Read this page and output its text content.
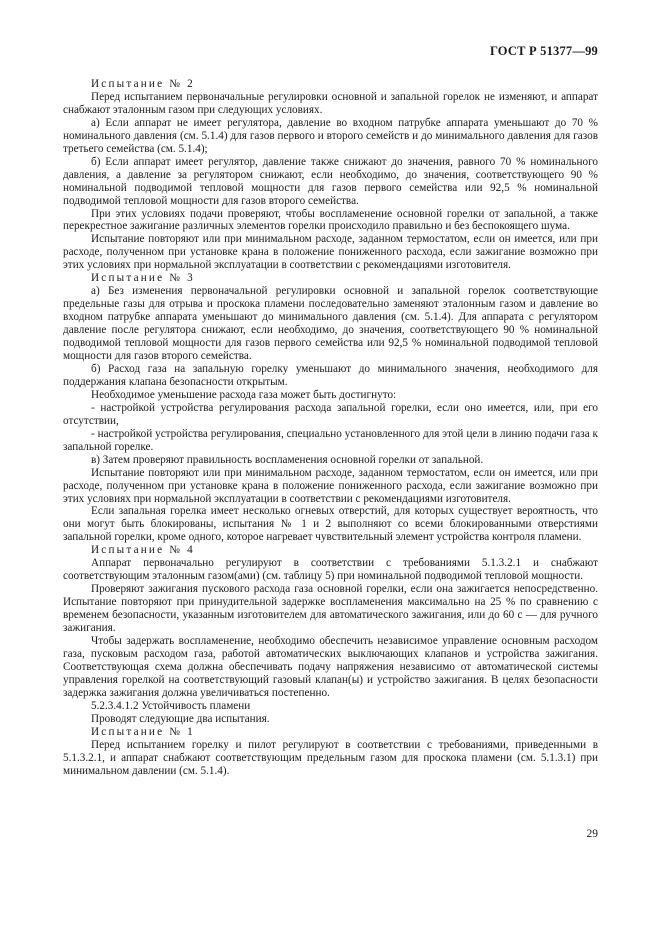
ГОСТ Р 51377—99

Испытание № 2

Перед испытанием первоначальные регулировки основной и запальной горелок не изменяют, и аппарат снабжают эталонным газом при следующих условиях.

а) Если аппарат не имеет регулятора, давление во входном патрубке аппарата уменьшают до 70 % номинального давления (см. 5.1.4) для газов первого и второго семейств и до минимального давления для газов третьего семейства (см. 5.1.4);

б) Если аппарат имеет регулятор, давление также снижают до значения, равного 70 % номинального давления, а давление за регулятором снижают, если необходимо, до значения, соответствующего 90 % номинальной подводимой тепловой мощности для газов первого семейства или 92,5 % номинальной подводимой тепловой мощности для газов второго семейства.

При этих условиях подачи проверяют, чтобы воспламенение основной горелки от запальной, а также перекрестное зажигание различных элементов горелки происходило правильно и без беспокоящего шума.

Испытание повторяют или при минимальном расходе, заданном термостатом, если он имеется, или при расходе, полученном при установке крана в положение пониженного расхода, если зажигание возможно при этих условиях при нормальной эксплуатации в соответствии с рекомендациями изготовителя.

Испытание № 3

а) Без изменения первоначальной регулировки основной и запальной горелок соответствующие предельные газы для отрыва и проскока пламени последовательно заменяют эталонным газом и давление во входном патрубке аппарата уменьшают до минимального давления (см. 5.1.4). Для аппарата с регулятором давление после регулятора снижают, если необходимо, до значения, соответствующего 90 % номинальной подводимой тепловой мощности для газов первого семейства или 92,5 % номинальной подводимой тепловой мощности для газов второго семейства.

б) Расход газа на запальную горелку уменьшают до минимального значения, необходимого для поддержания клапана безопасности открытым.

Необходимое уменьшение расхода газа может быть достигнуто:

- настройкой устройства регулирования расхода запальной горелки, если оно имеется, или, при его отсутствии,

- настройкой устройства регулирования, специально установленного для этой цели в линию подачи газа к запальной горелке.

в) Затем проверяют правильность воспламенения основной горелки от запальной.

Испытание повторяют или при минимальном расходе, заданном термостатом, если он имеется, или при расходе, полученном при установке крана в положение пониженного расхода, если зажигание возможно при этих условиях при нормальной эксплуатации в соответствии с рекомендациями изготовителя.

Если запальная горелка имеет несколько огневых отверстий, для которых существует вероятность, что они могут быть блокированы, испытания № 1 и 2 выполняют со всеми блокированными отверстиями запальной горелки, кроме одного, которое нагревает чувствительный элемент устройства контроля пламени.

Испытание № 4

Аппарат первоначально регулируют в соответствии с требованиями 5.1.3.2.1 и снабжают соответствующим эталонным газом(ами) (см. таблицу 5) при номинальной подводимой тепловой мощности.

Проверяют зажигания пускового расхода газа основной горелки, если она зажигается непосредственно. Испытание повторяют при принудительной задержке воспламенения максимально на 25 % по сравнению с временем безопасности, указанным изготовителем для автоматического зажигания, или до 60 с — для ручного зажигания.

Чтобы задержать воспламенение, необходимо обеспечить независимое управление основным расходом газа, пусковым расходом газа, работой автоматических выключающих клапанов и устройства зажигания. Соответствующая схема должна обеспечивать подачу напряжения независимо от автоматической системы управления горелкой на соответствующий газовый клапан(ы) и устройство зажигания. В целях безопасности задержка зажигания должна увеличиваться постепенно.

5.2.3.4.1.2 Устойчивость пламени

Проводят следующие два испытания.

Испытание № 1

Перед испытанием горелку и пилот регулируют в соответствии с требованиями, приведенными в 5.1.3.2.1, и аппарат снабжают соответствующим предельным газом для проскока пламени (см. 5.1.3.1) при минимальном давлении (см. 5.1.4).

29
